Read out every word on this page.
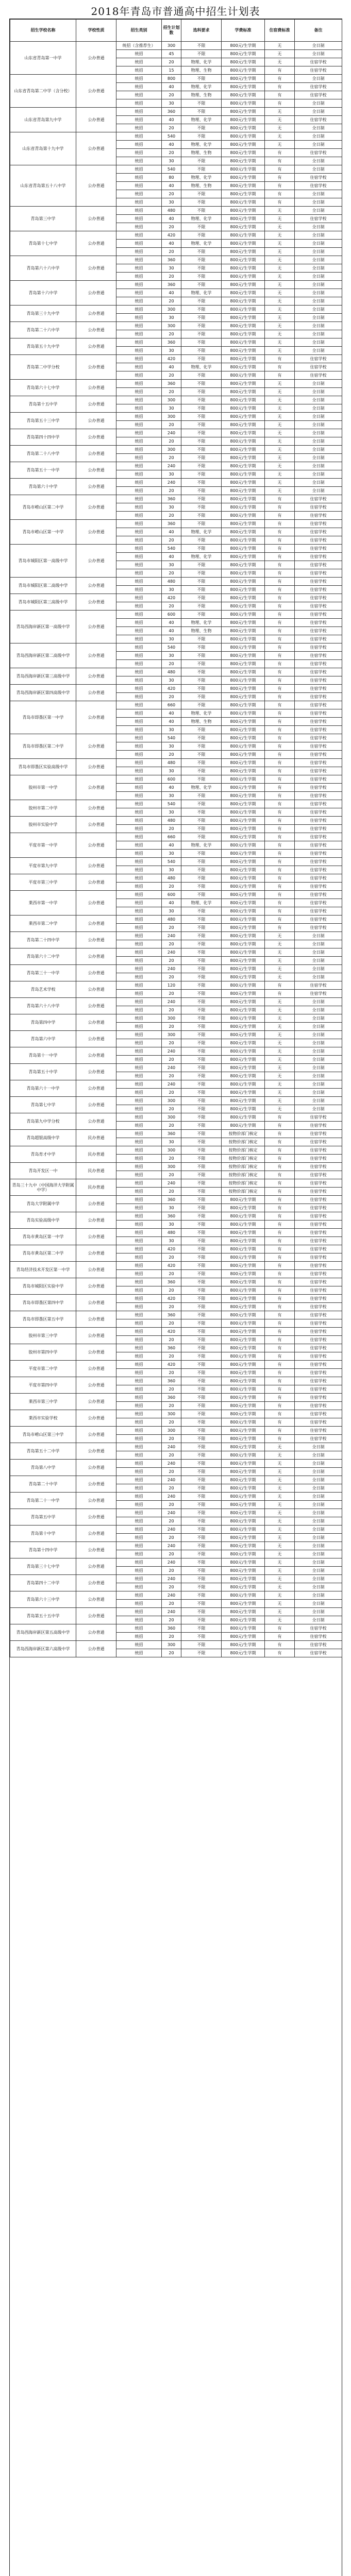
2018年青岛市普通高中招生计划表
招生学校名称	学校性质	招生类别	招生计划数	选科要求	学费标准	住宿费标准	备注
山东省青岛第一中学	公办普通	统招（含推荐生）	300	不限	800元/生学期	无	全日制
		统招	45	不限	800元/生学期	无	全日制
		统招	20	物理、化学	800元/生学期	无	住宿学校
		统招	15	物理、生物	800元/生学期	有	住宿学校
山东省青岛第二中学（含分校）	公办普通	统招	800	不限	800元/生学期	有	全日制
		统招	40	物理、化学	800元/生学期	有	住宿学校
		统招	20	物理、生物	800元/生学期	有	住宿学校
		统招	30	不限	800元/生学期	有	全日制
山东省青岛第九中学	公办普通	统招	360	不限	800元/生学期	无	全日制
		统招	40	物理、化学	800元/生学期	无	住宿学校
		统招	20	不限	800元/生学期	无	全日制
山东省青岛第十九中学	公办普通	统招	540	不限	800元/生学期	无	全日制
		统招	40	物理、化学	800元/生学期	无	全日制
		统招	20	物理、生物	800元/生学期	有	住宿学校
		统招	30	不限	800元/生学期	有	全日制
山东省青岛第五十八中学	公办普通	统招	540	不限	800元/生学期	有	全日制
		统招	80	物理、化学	800元/生学期	有	住宿学校
		统招	40	物理、生物	800元/生学期	有	住宿学校
		统招	20	不限	800元/生学期	有	全日制
		统招	30	不限	800元/生学期	有	全日制
青岛第三中学	公办普通	统招	480	不限	800元/生学期	无	全日制
		统招	40	物理、化学	800元/生学期	无	住宿学校
		统招	20	不限	800元/生学期	无	全日制
青岛第十七中学	公办普通	统招	420	不限	800元/生学期	无	全日制
		统招	40	物理、化学	800元/生学期	无	全日制
		统招	20	不限	800元/生学期	无	全日制
青岛第六十六中学	公办普通	统招	360	不限	800元/生学期	无	全日制
		统招	30	不限	800元/生学期	无	全日制
		统招	20	不限	800元/生学期	无	全日制
青岛第十六中学	公办普通	统招	360	不限	800元/生学期	无	全日制
		统招	40	物理、化学	800元/生学期	无	全日制
		统招	20	不限	800元/生学期	无	全日制
青岛第三十九中学	公办普通	统招	300	不限	800元/生学期	无	全日制
		统招	30	不限	800元/生学期	无	全日制
青岛第二十六中学	公办普通	统招	300	不限	800元/生学期	无	全日制
		统招	20	不限	800元/生学期	无	全日制
青岛第五十九中学	公办普通	统招	360	不限	800元/生学期	无	全日制
		统招	30	不限	800元/生学期	无	全日制
青岛第二中学分校	公办普通	统招	420	不限	800元/生学期	有	住宿学校
		统招	40	物理、化学	800元/生学期	有	住宿学校
		统招	20	不限	800元/生学期	有	住宿学校
青岛第六十七中学	公办普通	统招	360	不限	800元/生学期	无	全日制
		统招	20	不限	800元/生学期	无	全日制
青岛第十五中学	公办普通	统招	300	不限	800元/生学期	无	全日制
		统招	30	不限	800元/生学期	无	全日制
青岛第五十三中学	公办普通	统招	300	不限	800元/生学期	无	全日制
		统招	20	不限	800元/生学期	无	全日制
青岛第四十四中学	公办普通	统招	240	不限	800元/生学期	无	全日制
		统招	20	不限	800元/生学期	无	全日制
青岛第二十八中学	公办普通	统招	300	不限	800元/生学期	无	全日制
		统招	20	不限	800元/生学期	无	全日制
青岛第五十一中学	公办普通	统招	240	不限	800元/生学期	无	全日制
		统招	30	不限	800元/生学期	无	全日制
青岛第六十中学	公办普通	统招	240	不限	800元/生学期	无	全日制
		统招	20	不限	800元/生学期	无	全日制
青岛市崂山区第二中学	公办普通	统招	360	不限	800元/生学期	有	住宿学校
		统招	30	不限	800元/生学期	有	住宿学校
		统招	20	不限	800元/生学期	有	住宿学校
青岛市崂山区第一中学	公办普通	统招	360	不限	800元/生学期	有	住宿学校
		统招	40	物理、化学	800元/生学期	有	住宿学校
		统招	20	不限	800元/生学期	有	住宿学校
青岛市城阳区第一高级中学	公办普通	统招	540	不限	800元/生学期	有	住宿学校
		统招	40	物理、化学	800元/生学期	有	住宿学校
		统招	30	不限	800元/生学期	有	住宿学校
		统招	20	不限	800元/生学期	有	住宿学校
青岛市城阳区第二高级中学	公办普通	统招	480	不限	800元/生学期	有	住宿学校
		统招	30	不限	800元/生学期	有	住宿学校
青岛市城阳区第三高级中学	公办普通	统招	420	不限	800元/生学期	有	住宿学校
		统招	20	不限	800元/生学期	有	住宿学校
青岛西海岸新区第一高级中学	公办普通	统招	600	不限	800元/生学期	有	住宿学校
		统招	40	物理、化学	800元/生学期	有	住宿学校
		统招	40	物理、生物	800元/生学期	有	住宿学校
		统招	30	不限	800元/生学期	有	住宿学校
青岛西海岸新区第二高级中学	公办普通	统招	540	不限	800元/生学期	有	住宿学校
		统招	30	不限	800元/生学期	有	住宿学校
		统招	20	不限	800元/生学期	有	住宿学校
青岛西海岸新区第三高级中学	公办普通	统招	480	不限	800元/生学期	有	住宿学校
		统招	30	不限	800元/生学期	有	住宿学校
青岛西海岸新区第四高级中学	公办普通	统招	420	不限	800元/生学期	有	住宿学校
		统招	20	不限	800元/生学期	有	住宿学校
青岛市即墨区第一中学	公办普通	统招	660	不限	800元/生学期	有	住宿学校
		统招	40	物理、化学	800元/生学期	有	住宿学校
		统招	40	物理、生物	800元/生学期	有	住宿学校
		统招	30	不限	800元/生学期	有	住宿学校
青岛市即墨区第二中学	公办普通	统招	540	不限	800元/生学期	有	住宿学校
		统招	30	不限	800元/生学期	有	住宿学校
		统招	20	不限	800元/生学期	有	住宿学校
青岛市即墨区实验高级中学	公办普通	统招	480	不限	800元/生学期	有	住宿学校
		统招	30	不限	800元/生学期	有	住宿学校
胶州市第一中学	公办普通	统招	600	不限	800元/生学期	有	住宿学校
		统招	40	物理、化学	800元/生学期	有	住宿学校
		统招	30	不限	800元/生学期	有	住宿学校
胶州市第二中学	公办普通	统招	540	不限	800元/生学期	有	住宿学校
		统招	30	不限	800元/生学期	有	住宿学校
胶州市实验中学	公办普通	统招	480	不限	800元/生学期	有	住宿学校
		统招	20	不限	800元/生学期	有	住宿学校
平度市第一中学	公办普通	统招	660	不限	800元/生学期	有	住宿学校
		统招	40	物理、化学	800元/生学期	有	住宿学校
		统招	30	不限	800元/生学期	有	住宿学校
平度市第九中学	公办普通	统招	540	不限	800元/生学期	有	住宿学校
		统招	30	不限	800元/生学期	有	住宿学校
平度市第三中学	公办普通	统招	480	不限	800元/生学期	有	住宿学校
		统招	20	不限	800元/生学期	有	住宿学校
莱西市第一中学	公办普通	统招	600	不限	800元/生学期	有	住宿学校
		统招	40	物理、化学	800元/生学期	有	住宿学校
		统招	30	不限	800元/生学期	有	住宿学校
莱西市第二中学	公办普通	统招	480	不限	800元/生学期	有	住宿学校
		统招	20	不限	800元/生学期	有	住宿学校
青岛第二十四中学	公办普通	统招	240	不限	800元/生学期	无	全日制
		统招	20	不限	800元/生学期	无	全日制
青岛第六十二中学	公办普通	统招	240	不限	800元/生学期	无	全日制
		统招	20	不限	800元/生学期	无	全日制
青岛第三十一中学	公办普通	统招	240	不限	800元/生学期	无	全日制
		统招	20	不限	800元/生学期	无	全日制
青岛艺术学校	公办普通	统招	120	不限	800元/生学期	有	住宿学校
		统招	20	不限	800元/生学期	有	住宿学校
青岛第六十八中学	公办普通	统招	240	不限	800元/生学期	无	全日制
		统招	20	不限	800元/生学期	无	全日制
青岛第四中学	公办普通	统招	300	不限	800元/生学期	无	全日制
		统招	20	不限	800元/生学期	无	全日制
青岛第六中学	公办普通	统招	300	不限	800元/生学期	无	全日制
		统招	20	不限	800元/生学期	无	全日制
青岛第十一中学	公办普通	统招	240	不限	800元/生学期	无	全日制
		统招	20	不限	800元/生学期	无	全日制
青岛第五十中学	公办普通	统招	240	不限	800元/生学期	无	全日制
		统招	20	不限	800元/生学期	无	全日制
青岛第六十一中学	公办普通	统招	240	不限	800元/生学期	无	全日制
		统招	20	不限	800元/生学期	无	全日制
青岛第七中学	公办普通	统招	300	不限	800元/生学期	无	全日制
		统招	20	不限	800元/生学期	无	全日制
青岛第九中学分校	公办普通	统招	300	不限	800元/生学期	有	住宿学校
		统招	20	不限	800元/生学期	有	住宿学校
青岛超银高级中学	民办普通	统招	360	不限	按物价部门核定	有	住宿学校
		统招	30	不限	按物价部门核定	有	住宿学校
青岛育才中学	民办普通	统招	300	不限	按物价部门核定	有	住宿学校
		统招	20	不限	按物价部门核定	有	住宿学校
青岛开发区一中	民办普通	统招	300	不限	按物价部门核定	有	住宿学校
		统招	20	不限	按物价部门核定	有	住宿学校
青岛三十九中（中国海洋大学附属中学）	民办普通	统招	240	不限	按物价部门核定	有	住宿学校
		统招	20	不限	按物价部门核定	有	住宿学校
青岛大学附属中学	公办普通	统招	360	不限	800元/生学期	有	住宿学校
		统招	30	不限	800元/生学期	有	住宿学校
青岛实验高级中学	公办普通	统招	360	不限	800元/生学期	有	住宿学校
		统招	30	不限	800元/生学期	有	住宿学校
青岛市黄岛区第一中学	公办普通	统招	480	不限	800元/生学期	有	住宿学校
		统招	30	不限	800元/生学期	有	住宿学校
青岛市黄岛区第二中学	公办普通	统招	420	不限	800元/生学期	有	住宿学校
		统招	20	不限	800元/生学期	有	住宿学校
青岛经济技术开发区第一中学	公办普通	统招	420	不限	800元/生学期	有	住宿学校
		统招	20	不限	800元/生学期	有	住宿学校
青岛市城阳区实验中学	公办普通	统招	360	不限	800元/生学期	有	住宿学校
		统招	20	不限	800元/生学期	有	住宿学校
青岛市即墨区第四中学	公办普通	统招	420	不限	800元/生学期	有	住宿学校
		统招	20	不限	800元/生学期	有	住宿学校
青岛市即墨区第五中学	公办普通	统招	360	不限	800元/生学期	有	住宿学校
		统招	20	不限	800元/生学期	有	住宿学校
胶州市第三中学	公办普通	统招	420	不限	800元/生学期	有	住宿学校
		统招	20	不限	800元/生学期	有	住宿学校
胶州市第四中学	公办普通	统招	360	不限	800元/生学期	有	住宿学校
		统招	20	不限	800元/生学期	有	住宿学校
平度市第二中学	公办普通	统招	420	不限	800元/生学期	有	住宿学校
		统招	20	不限	800元/生学期	有	住宿学校
平度市第四中学	公办普通	统招	360	不限	800元/生学期	有	住宿学校
		统招	20	不限	800元/生学期	有	住宿学校
莱西市第三中学	公办普通	统招	360	不限	800元/生学期	有	住宿学校
		统招	20	不限	800元/生学期	有	住宿学校
莱西市实验学校	公办普通	统招	300	不限	800元/生学期	有	住宿学校
		统招	20	不限	800元/生学期	有	住宿学校
青岛市崂山区第三中学	公办普通	统招	300	不限	800元/生学期	有	住宿学校
		统招	20	不限	800元/生学期	有	住宿学校
青岛第五十二中学	公办普通	统招	240	不限	800元/生学期	无	全日制
		统招	20	不限	800元/生学期	无	全日制
青岛第八中学	公办普通	统招	240	不限	800元/生学期	无	全日制
		统招	20	不限	800元/生学期	无	全日制
青岛第二十中学	公办普通	统招	240	不限	800元/生学期	无	全日制
		统招	20	不限	800元/生学期	无	全日制
青岛第二十一中学	公办普通	统招	240	不限	800元/生学期	无	全日制
		统招	20	不限	800元/生学期	无	全日制
青岛第五中学	公办普通	统招	240	不限	800元/生学期	无	全日制
		统招	20	不限	800元/生学期	无	全日制
青岛第十中学	公办普通	统招	240	不限	800元/生学期	无	全日制
		统招	20	不限	800元/生学期	无	全日制
青岛第十四中学	公办普通	统招	240	不限	800元/生学期	无	全日制
		统招	20	不限	800元/生学期	无	全日制
青岛第三十七中学	公办普通	统招	240	不限	800元/生学期	无	全日制
		统招	20	不限	800元/生学期	无	全日制
青岛第四十二中学	公办普通	统招	240	不限	800元/生学期	无	全日制
		统招	20	不限	800元/生学期	无	全日制
青岛第六十三中学	公办普通	统招	240	不限	800元/生学期	无	全日制
		统招	20	不限	800元/生学期	无	全日制
青岛第五十五中学	公办普通	统招	240	不限	800元/生学期	无	全日制
		统招	20	不限	800元/生学期	无	全日制
青岛西海岸新区第五高级中学	公办普通	统招	360	不限	800元/生学期	有	住宿学校
		统招	20	不限	800元/生学期	有	住宿学校
青岛西海岸新区第六高级中学	公办普通	统招	300	不限	800元/生学期	有	住宿学校
		统招	20	不限	800元/生学期	有	住宿学校
